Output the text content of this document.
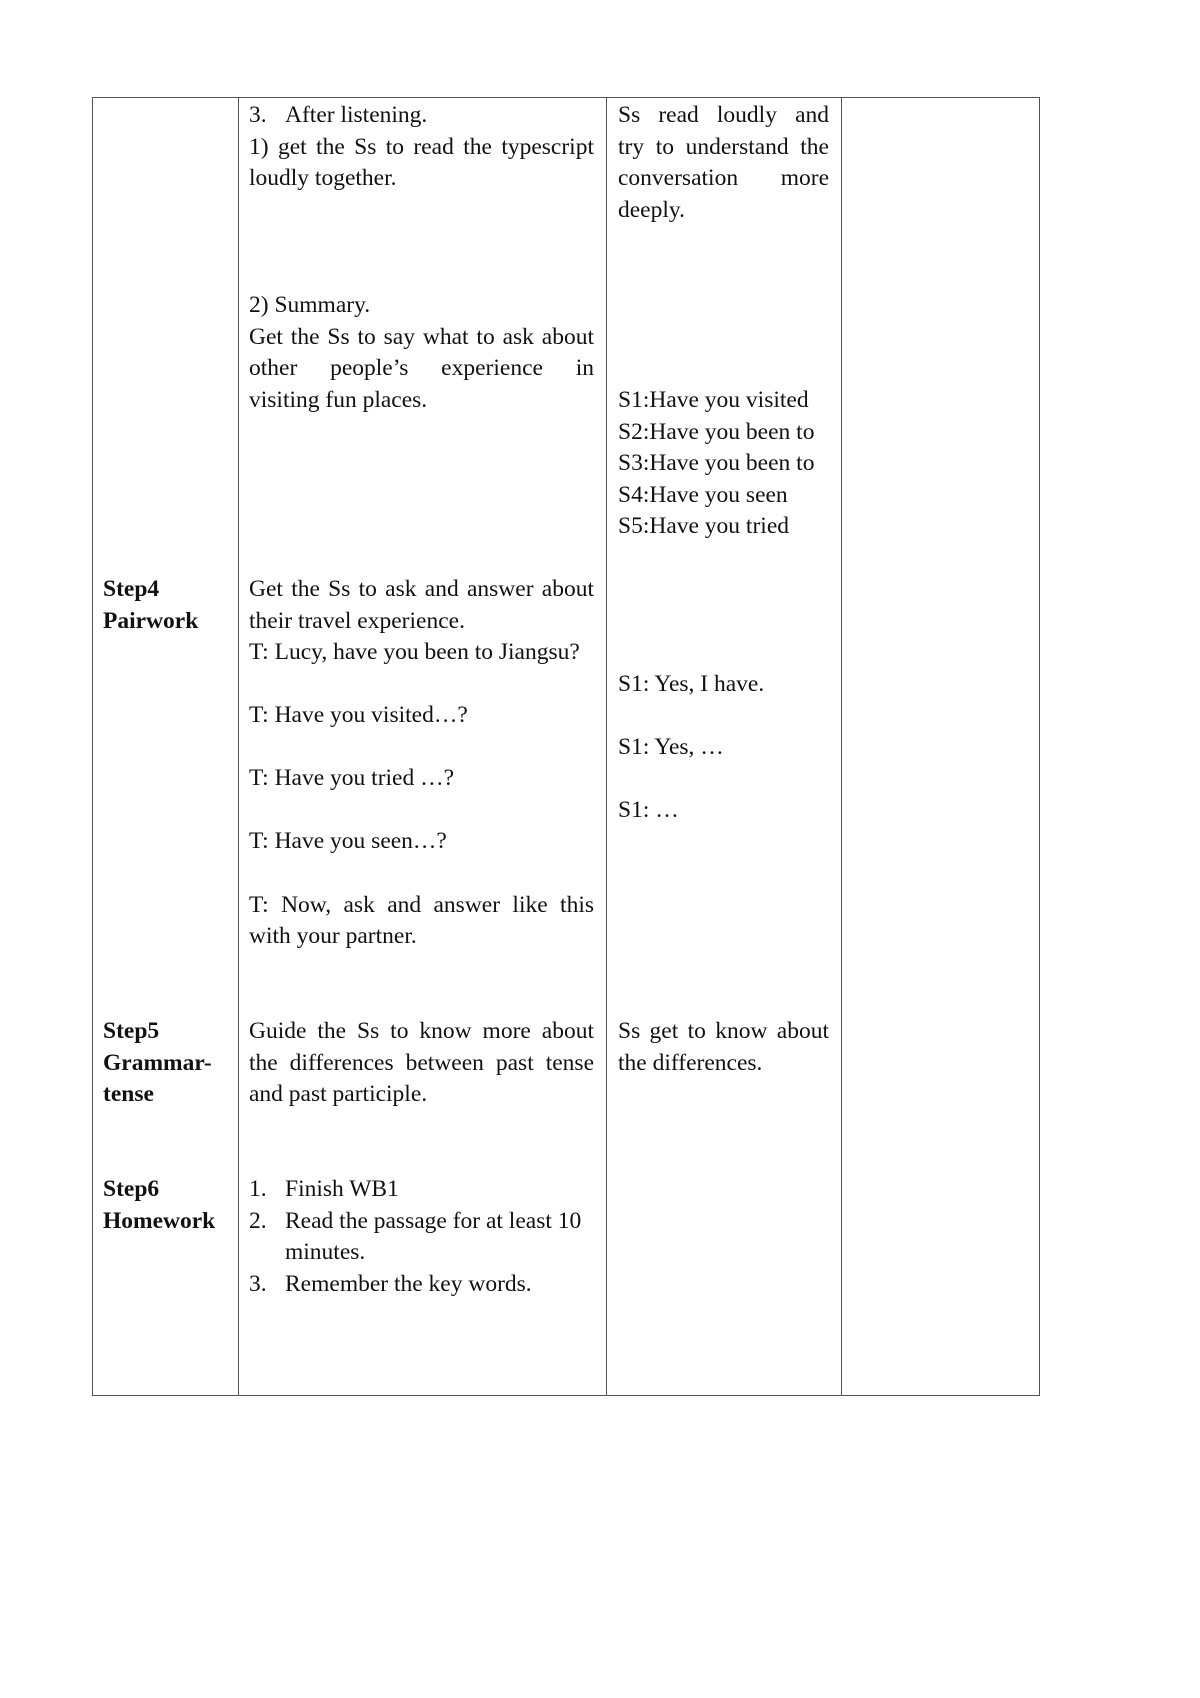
3. After listening.
1) get the Ss to read the typescript
loudly together.
2) Summary.
Get the Ss to say what to ask about
other people’s experience in
visiting fun places.
Ss read loudly and
try to understand the
conversation more
deeply.
S1:Have you visited
S2:Have you been to
S3:Have you been to
S4:Have you seen
S5:Have you tried
Step4
Pairwork
Get the Ss to ask and answer about
their travel experience.
T: Lucy, have you been to Jiangsu?
T: Have you visited…?
T: Have you tried …?
T: Have you seen…?
T: Now, ask and answer like this
with your partner.
S1: Yes, I have.
S1: Yes, …
S1: …
Step5
Grammar-
tense
Guide the Ss to know more about
the differences between past tense
and past participle.
Ss get to know about
the differences.
Step6
Homework
1. Finish WB1
2. Read the passage for at least 10
minutes.
3. Remember the key words.
